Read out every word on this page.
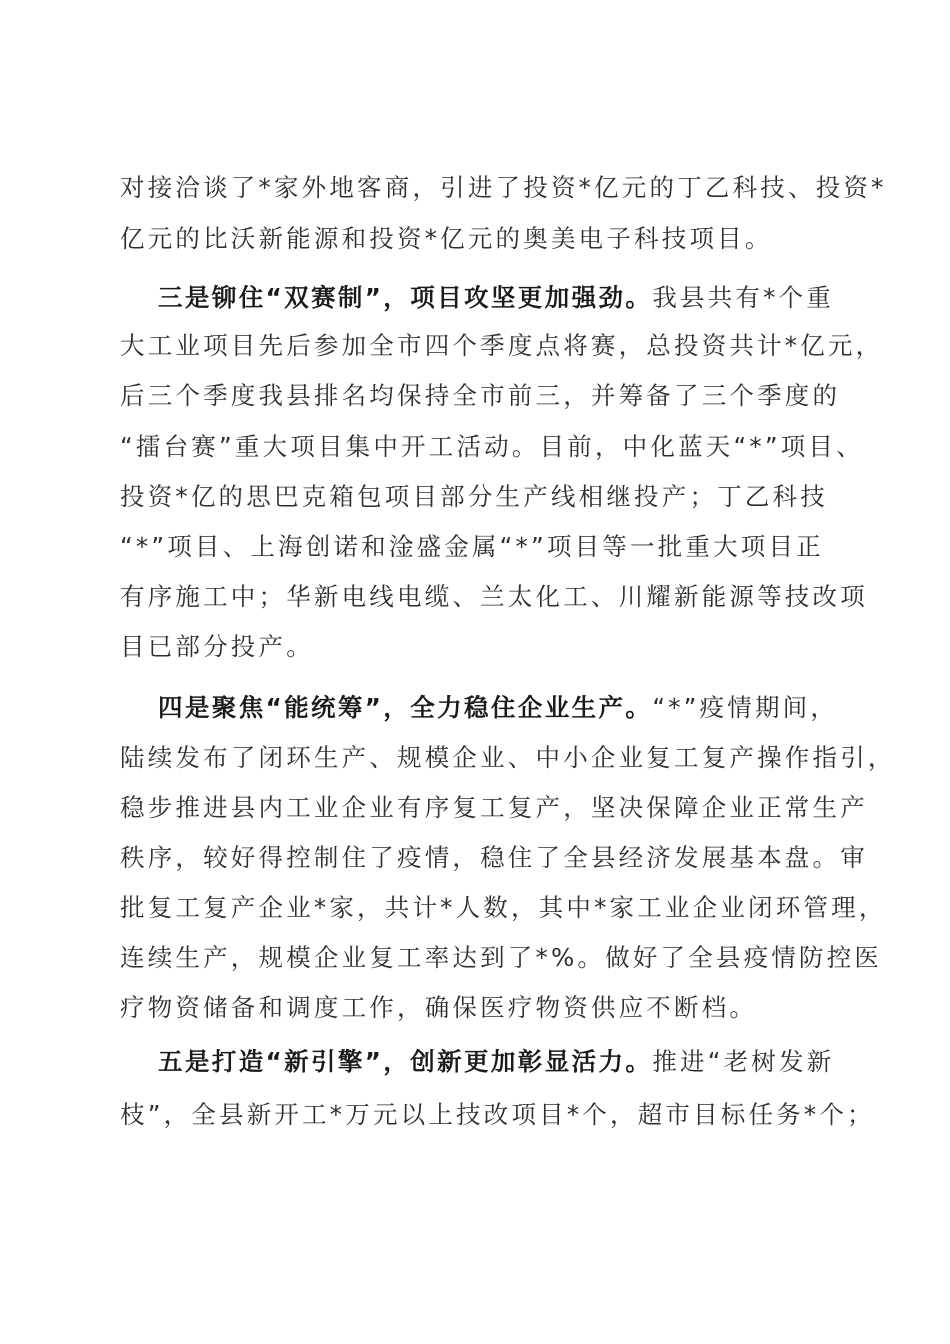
对接洽谈了*家外地客商，引进了投资*亿元的丁乙科技、投资*
亿元的比沃新能源和投资*亿元的奥美电子科技项目。
三是铆住“双赛制”，项目攻坚更加强劲。我县共有*个重
大工业项目先后参加全市四个季度点将赛，总投资共计*亿元，
后三个季度我县排名均保持全市前三，并筹备了三个季度的
“擂台赛”重大项目集中开工活动。目前，中化蓝天“*”项目、
投资*亿的思巴克箱包项目部分生产线相继投产；丁乙科技
“*”项目、上海创诺和淦盛金属“*”项目等一批重大项目正
有序施工中；华新电线电缆、兰太化工、川耀新能源等技改项
目已部分投产。
四是聚焦“能统筹”，全力稳住企业生产。“*”疫情期间，
陆续发布了闭环生产、规模企业、中小企业复工复产操作指引，
稳步推进县内工业企业有序复工复产，坚决保障企业正常生产
秩序，较好得控制住了疫情，稳住了全县经济发展基本盘。审
批复工复产企业*家，共计*人数，其中*家工业企业闭环管理，
连续生产，规模企业复工率达到了*%。做好了全县疫情防控医
疗物资储备和调度工作，确保医疗物资供应不断档。
五是打造“新引擎”，创新更加彰显活力。推进“老树发新
枝”，全县新开工*万元以上技改项目*个，超市目标任务*个；
